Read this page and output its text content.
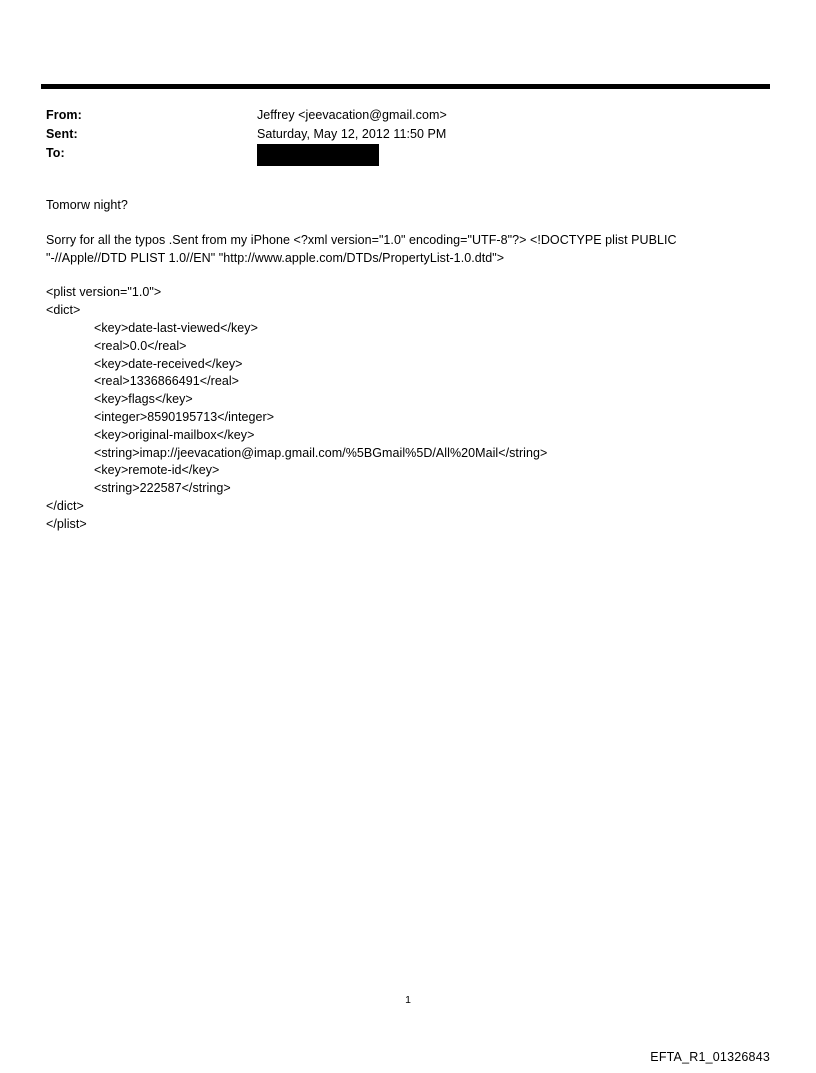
From:	Jeffrey <jeevacation@gmail.com>
Sent:	Saturday, May 12, 2012 11:50 PM
To:

Tomorw night?

Sorry for all the typos .Sent from my iPhone <?xml version="1.0" encoding="UTF-8"?> <!DOCTYPE plist PUBLIC "-//Apple//DTD PLIST 1.0//EN" "http://www.apple.com/DTDs/PropertyList-1.0.dtd">

<plist version="1.0">
<dict>
<key>date-last-viewed</key>
<real>0.0</real>
<key>date-received</key>
<real>1336866491</real>
<key>flags</key>
<integer>8590195713</integer>
<key>original-mailbox</key>
<string>imap://jeevacation@imap.gmail.com/%5BGmail%5D/All%20Mail</string>
<key>remote-id</key>
<string>222587</string>
</dict>
</plist>
1
EFTA_R1_01326843
